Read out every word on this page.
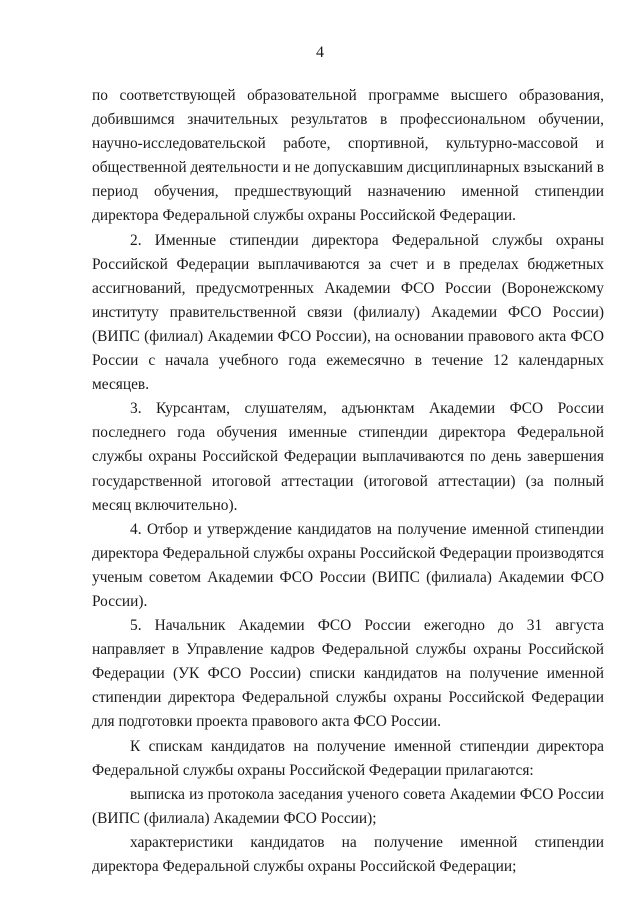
4

по соответствующей образовательной программе высшего образования, добившимся значительных результатов в профессиональном обучении, научно-исследовательской работе, спортивной, культурно-массовой и общественной деятельности и не допускавшим дисциплинарных взысканий в период обучения, предшествующий назначению именной стипендии директора Федеральной службы охраны Российской Федерации.

2. Именные стипендии директора Федеральной службы охраны Российской Федерации выплачиваются за счет и в пределах бюджетных ассигнований, предусмотренных Академии ФСО России (Воронежскому институту правительственной связи (филиалу) Академии ФСО России) (ВИПС (филиал) Академии ФСО России), на основании правового акта ФСО России с начала учебного года ежемесячно в течение 12 календарных месяцев.

3. Курсантам, слушателям, адъюнктам Академии ФСО России последнего года обучения именные стипендии директора Федеральной службы охраны Российской Федерации выплачиваются по день завершения государственной итоговой аттестации (итоговой аттестации) (за полный месяц включительно).

4. Отбор и утверждение кандидатов на получение именной стипендии директора Федеральной службы охраны Российской Федерации производятся ученым советом Академии ФСО России (ВИПС (филиала) Академии ФСО России).

5. Начальник Академии ФСО России ежегодно до 31 августа направляет в Управление кадров Федеральной службы охраны Российской Федерации (УК ФСО России) списки кандидатов на получение именной стипендии директора Федеральной службы охраны Российской Федерации для подготовки проекта правового акта ФСО России.

К спискам кандидатов на получение именной стипендии директора Федеральной службы охраны Российской Федерации прилагаются:

выписка из протокола заседания ученого совета Академии ФСО России (ВИПС (филиала) Академии ФСО России);

характеристики кандидатов на получение именной стипендии директора Федеральной службы охраны Российской Федерации;
